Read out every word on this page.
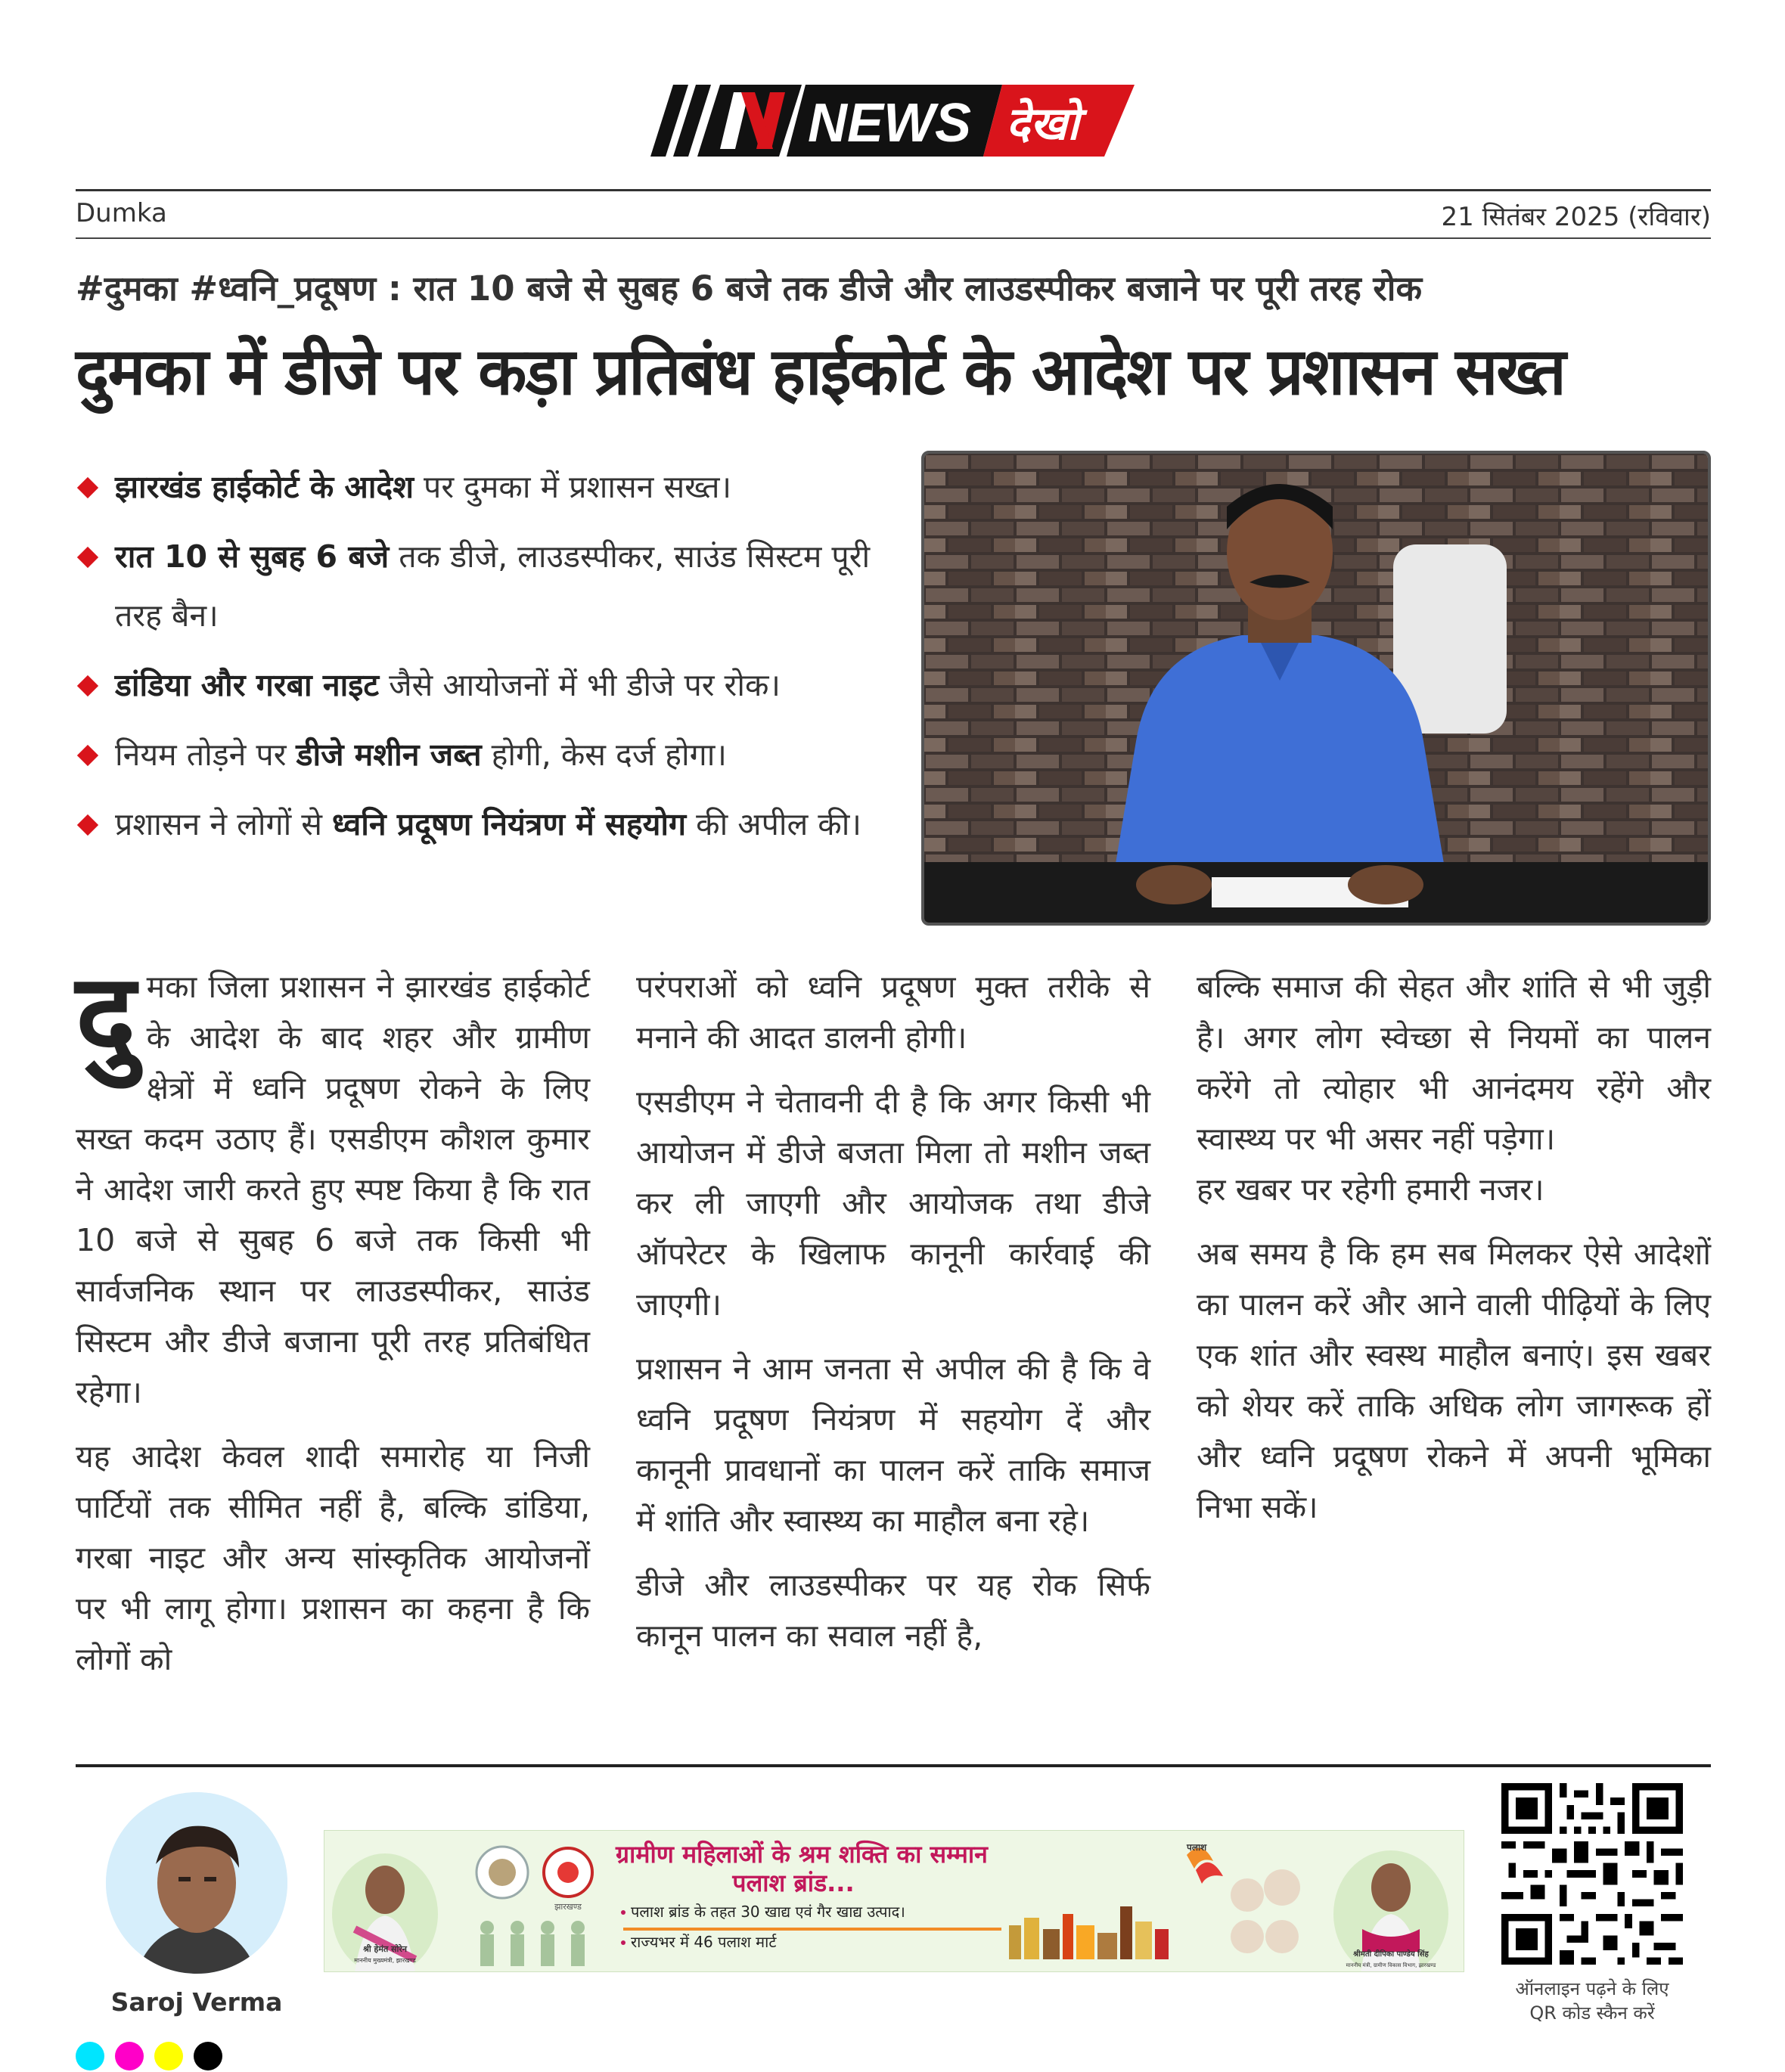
NEWS देखो
Dumka	21 सितंबर 2025 (रविवार)
#दुमका #ध्वनि_प्रदूषण : रात 10 बजे से सुबह 6 बजे तक डीजे और लाउडस्पीकर बजाने पर पूरी तरह रोक
दुमका में डीजे पर कड़ा प्रतिबंध हाईकोर्ट के आदेश पर प्रशासन सख्त
झारखंड हाईकोर्ट के आदेश पर दुमका में प्रशासन सख्त।
रात 10 से सुबह 6 बजे तक डीजे, लाउडस्पीकर, साउंड सिस्टम पूरी तरह बैन।
डांडिया और गरबा नाइट जैसे आयोजनों में भी डीजे पर रोक।
नियम तोड़ने पर डीजे मशीन जब्त होगी, केस दर्ज होगा।
प्रशासन ने लोगों से ध्वनि प्रदूषण नियंत्रण में सहयोग की अपील की।

दुमका जिला प्रशासन ने झारखंड हाईकोर्ट के आदेश के बाद शहर और ग्रामीण क्षेत्रों में ध्वनि प्रदूषण रोकने के लिए सख्त कदम उठाए हैं। एसडीएम कौशल कुमार ने आदेश जारी करते हुए स्पष्ट किया है कि रात 10 बजे से सुबह 6 बजे तक किसी भी सार्वजनिक स्थान पर लाउडस्पीकर, साउंड सिस्टम और डीजे बजाना पूरी तरह प्रतिबंधित रहेगा।

यह आदेश केवल शादी समारोह या निजी पार्टियों तक सीमित नहीं है, बल्कि डांडिया, गरबा नाइट और अन्य सांस्कृतिक आयोजनों पर भी लागू होगा। प्रशासन का कहना है कि लोगों को

परंपराओं को ध्वनि प्रदूषण मुक्त तरीके से मनाने की आदत डालनी होगी।

एसडीएम ने चेतावनी दी है कि अगर किसी भी आयोजन में डीजे बजता मिला तो मशीन जब्त कर ली जाएगी और आयोजक तथा डीजे ऑपरेटर के खिलाफ कानूनी कार्रवाई की जाएगी।

प्रशासन ने आम जनता से अपील की है कि वे ध्वनि प्रदूषण नियंत्रण में सहयोग दें और कानूनी प्रावधानों का पालन करें ताकि समाज में शांति और स्वास्थ्य का माहौल बना रहे।

डीजे और लाउडस्पीकर पर यह रोक सिर्फ कानून पालन का सवाल नहीं है,

बल्कि समाज की सेहत और शांति से भी जुड़ी है। अगर लोग स्वेच्छा से नियमों का पालन करेंगे तो त्योहार भी आनंदमय रहेंगे और स्वास्थ्य पर भी असर नहीं पड़ेगा।

हर खबर पर रहेगी हमारी नजर।

अब समय है कि हम सब मिलकर ऐसे आदेशों का पालन करें और आने वाली पीढ़ियों के लिए एक शांत और स्वस्थ माहौल बनाएं। इस खबर को शेयर करें ताकि अधिक लोग जागरूक हों और ध्वनि प्रदूषण रोकने में अपनी भूमिका निभा सकें।

Saroj Verma
श्री हेमंत सोरेन
माननीय मुख्यमंत्री, झारखण्ड
झारखण्ड
ग्रामीण महिलाओं के श्रम शक्ति का सम्मान
पलाश ब्रांड...
पलाश ब्रांड के तहत 30 खाद्य एवं गैर खाद्य उत्पाद।
राज्यभर में 46 पलाश मार्ट
पलाश
श्रीमती दीपिका पाण्डेय सिंह
माननीय मंत्री, ग्रामीण विकास विभाग, झारखण्ड
ऑनलाइन पढ़ने के लिए
QR कोड स्कैन करें
